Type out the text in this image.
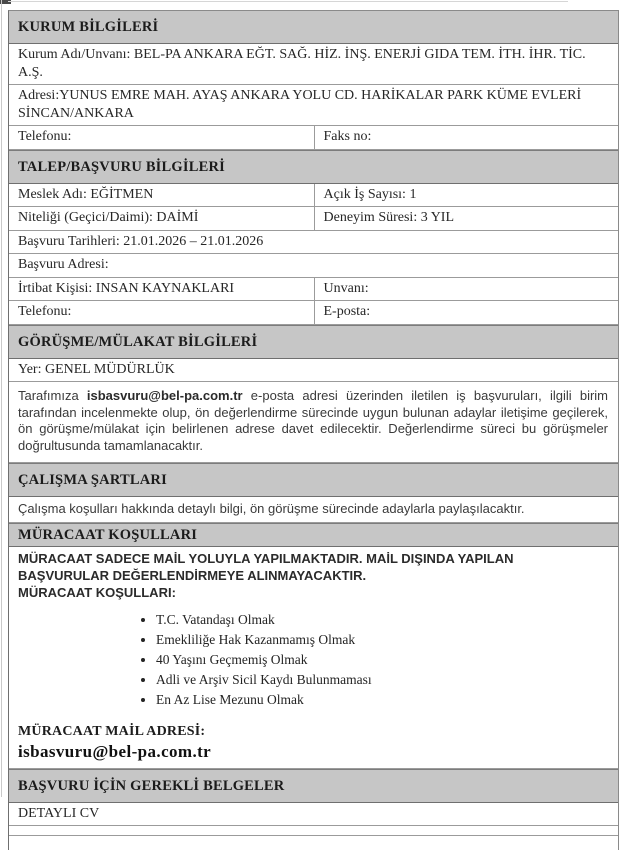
KURUM BİLGİLERİ
Kurum Adı/Unvanı: BEL-PA ANKARA EĞT. SAĞ. HİZ. İNŞ. ENERJİ GIDA TEM. İTH. İHR. TİC. A.Ş.
Adresi:YUNUS EMRE MAH. AYAŞ ANKARA YOLU CD. HARİKALAR PARK KÜME EVLERİ SİNCAN/ANKARA
Telefonu:	Faks no:
TALEP/BAŞVURU BİLGİLERİ
Meslek Adı: EĞİTMEN	Açık İş Sayısı: 1
Niteliği (Geçici/Daimi): DAİMİ	Deneyim Süresi: 3 YIL
Başvuru Tarihleri: 21.01.2026 – 21.01.2026
Başvuru Adresi:
İrtibat Kişisi: INSAN KAYNAKLARI	Unvanı:
Telefonu:	E-posta:
GÖRÜŞME/MÜLAKAT BİLGİLERİ
Yer: GENEL MÜDÜRLÜK
Tarafımıza isbasvuru@bel-pa.com.tr e-posta adresi üzerinden iletilen iş başvuruları, ilgili birim tarafından incelenmekte olup, ön değerlendirme sürecinde uygun bulunan adaylar iletişime geçilerek, ön görüşme/mülakat için belirlenen adrese davet edilecektir. Değerlendirme süreci bu görüşmeler doğrultusunda tamamlanacaktır.
ÇALIŞMA ŞARTLARI
Çalışma koşulları hakkında detaylı bilgi, ön görüşme sürecinde adaylarla paylaşılacaktır.
MÜRACAAT KOŞULLARI
MÜRACAAT SADECE MAİL YOLUYLA YAPILMAKTADIR. MAİL DIŞINDA YAPILAN BAŞVURULAR DEĞERLENDİRMEYE ALINMAYACAKTIR.
MÜRACAAT KOŞULLARI:
• T.C. Vatandaşı Olmak
• Emekliliğe Hak Kazanmamış Olmak
• 40 Yaşını Geçmemiş Olmak
• Adli ve Arşiv Sicil Kaydı Bulunmaması
• En Az Lise Mezunu Olmak
MÜRACAAT MAİL ADRESİ:
isbasvuru@bel-pa.com.tr
BAŞVURU İÇİN GEREKLİ BELGELER
DETAYLI CV
